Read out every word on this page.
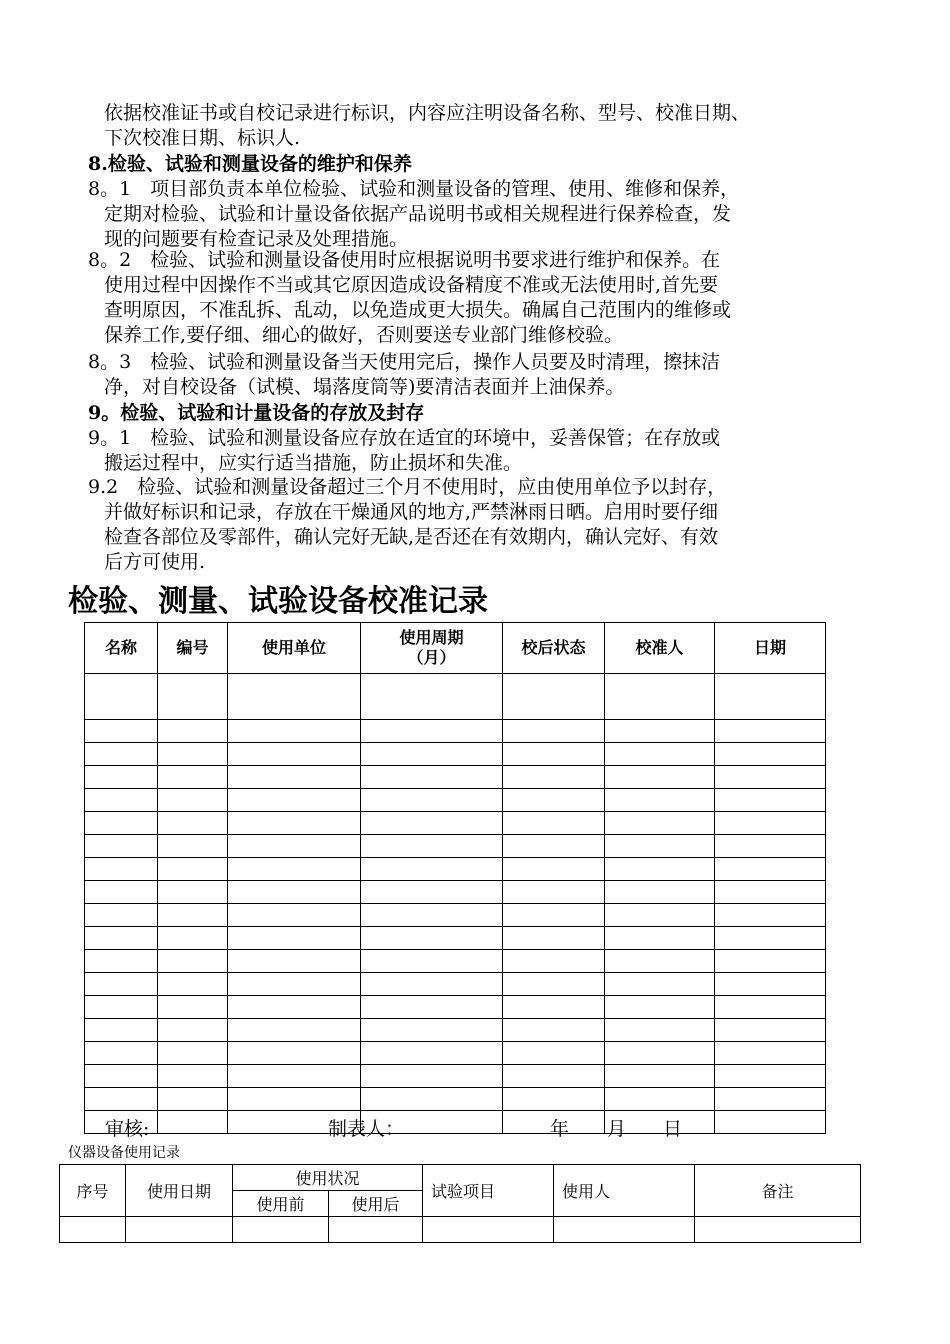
依据校准证书或自校记录进行标识，内容应注明设备名称、型号、校准日期、
下次校准日期、标识人.
8.检验、试验和测量设备的维护和保养
8。1　项目部负责本单位检验、试验和测量设备的管理、使用、维修和保养，
定期对检验、试验和计量设备依据产品说明书或相关规程进行保养检查，发
现的问题要有检查记录及处理措施。
8。2　检验、试验和测量设备使用时应根据说明书要求进行维护和保养。在
使用过程中因操作不当或其它原因造成设备精度不准或无法使用时,首先要
查明原因，不准乱拆、乱动，以免造成更大损失。确属自己范围内的维修或
保养工作,要仔细、细心的做好，否则要送专业部门维修校验。
8。3　检验、试验和测量设备当天使用完后，操作人员要及时清理，擦抹洁
净，对自校设备（试模、塌落度筒等)要清洁表面并上油保养。
9。检验、试验和计量设备的存放及封存
9。1　检验、试验和测量设备应存放在适宜的环境中，妥善保管；在存放或
搬运过程中，应实行适当措施，防止损坏和失准。
9.2　检验、试验和测量设备超过三个月不使用时，应由使用单位予以封存，
并做好标识和记录，存放在干燥通风的地方,严禁淋雨日晒。启用时要仔细
检查各部位及零部件，确认完好无缺,是否还在有效期内，确认完好、有效
后方可使用.
检验、测量、试验设备校准记录
名称	编号	使用单位	使用周期
（月）	校后状态	校准人	日期

审核:	制表人：	年 月 日
仪器设备使用记录
序号	使用日期	使用状况		试验项目	使用人	备注
		使用前	使用后			
